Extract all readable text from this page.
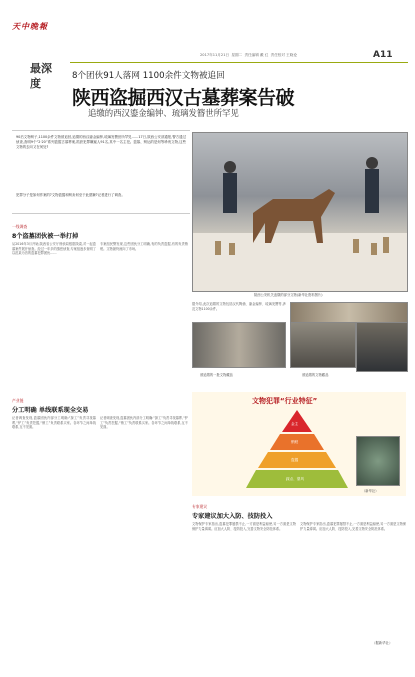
天中晚報
最深度
2017年11月21日 星期二 责任编辑 戴 红 责任校对 王晓论	A11
8个团伙91人落网 1100余件文物被追回
陕西盗掘西汉古墓葬案告破
追缴的西汉鎏金编钟、琉璃发簪世所罕见
90后文物贩子,1100余件文物被追回,追缴的西汉鎏金编钟,琉璃发簪世所罕见……17日,陕西公安部通报,警方通过侦查,查明9个“2·20”系列盗掘古墓葬案,抓获犯罪嫌疑人91名,其中一名主犯。盗墓、贩运的是何等珍贵文物,这些文物的去向又在何处?
犯罪分子是如何作案的?文物盗掘和贩卖何至于此猖獗?记者进行了调查。
陕西公安机关追缴的部分文物(新华社资料图片)
一线调查
8个盗墓团伙被一举打掉
从2016年3月开始,陕西省公安厅刑侦局根据线索,对一起盗墓案件展开侦查。经过一年多的缜密侦查,专案组逐步查明了以范某为首的盗墓犯罪团伙……
专案组民警发现,这些团伙分工明确,有的负责盗掘,有的负责销赃。文物最终流向了市场。
据介绍,此次追缴的文物包括汉代陶俑、鎏金编钟、琉璃发簪等,涉及文物1100余件。
被追缴的一批文物藏品	被追缴的文物藏品
产业链
分工明确 单线联系现全交易
记者调查发现,盗墓团伙内部分工明确:“探工”负责寻找墓葬,“铲工”负责挖掘,“销工”负责联系买家。各环节之间单线联系,互不见面。
记者调查发现,盗墓团伙内部分工明确:“探工”负责寻找墓葬,“铲工”负责挖掘,“销工”负责联系买家。各环节之间单线联系,互不见面。
文物犯罪“行业特征”
金主
销赃
盗掘
踩点、望风
（新华社）
专家建议
专家建议加大入防、技防投入
文物保护专家指出,盗墓犯罪屡禁不止,一方面是利益驱使,另一方面是文物保护力量薄弱。应加大人防、技防投入,完善文物安全防范体系。
文物保护专家指出,盗墓犯罪屡禁不止,一方面是利益驱使,另一方面是文物保护力量薄弱。应加大人防、技防投入,完善文物安全防范体系。
（据新华社）
